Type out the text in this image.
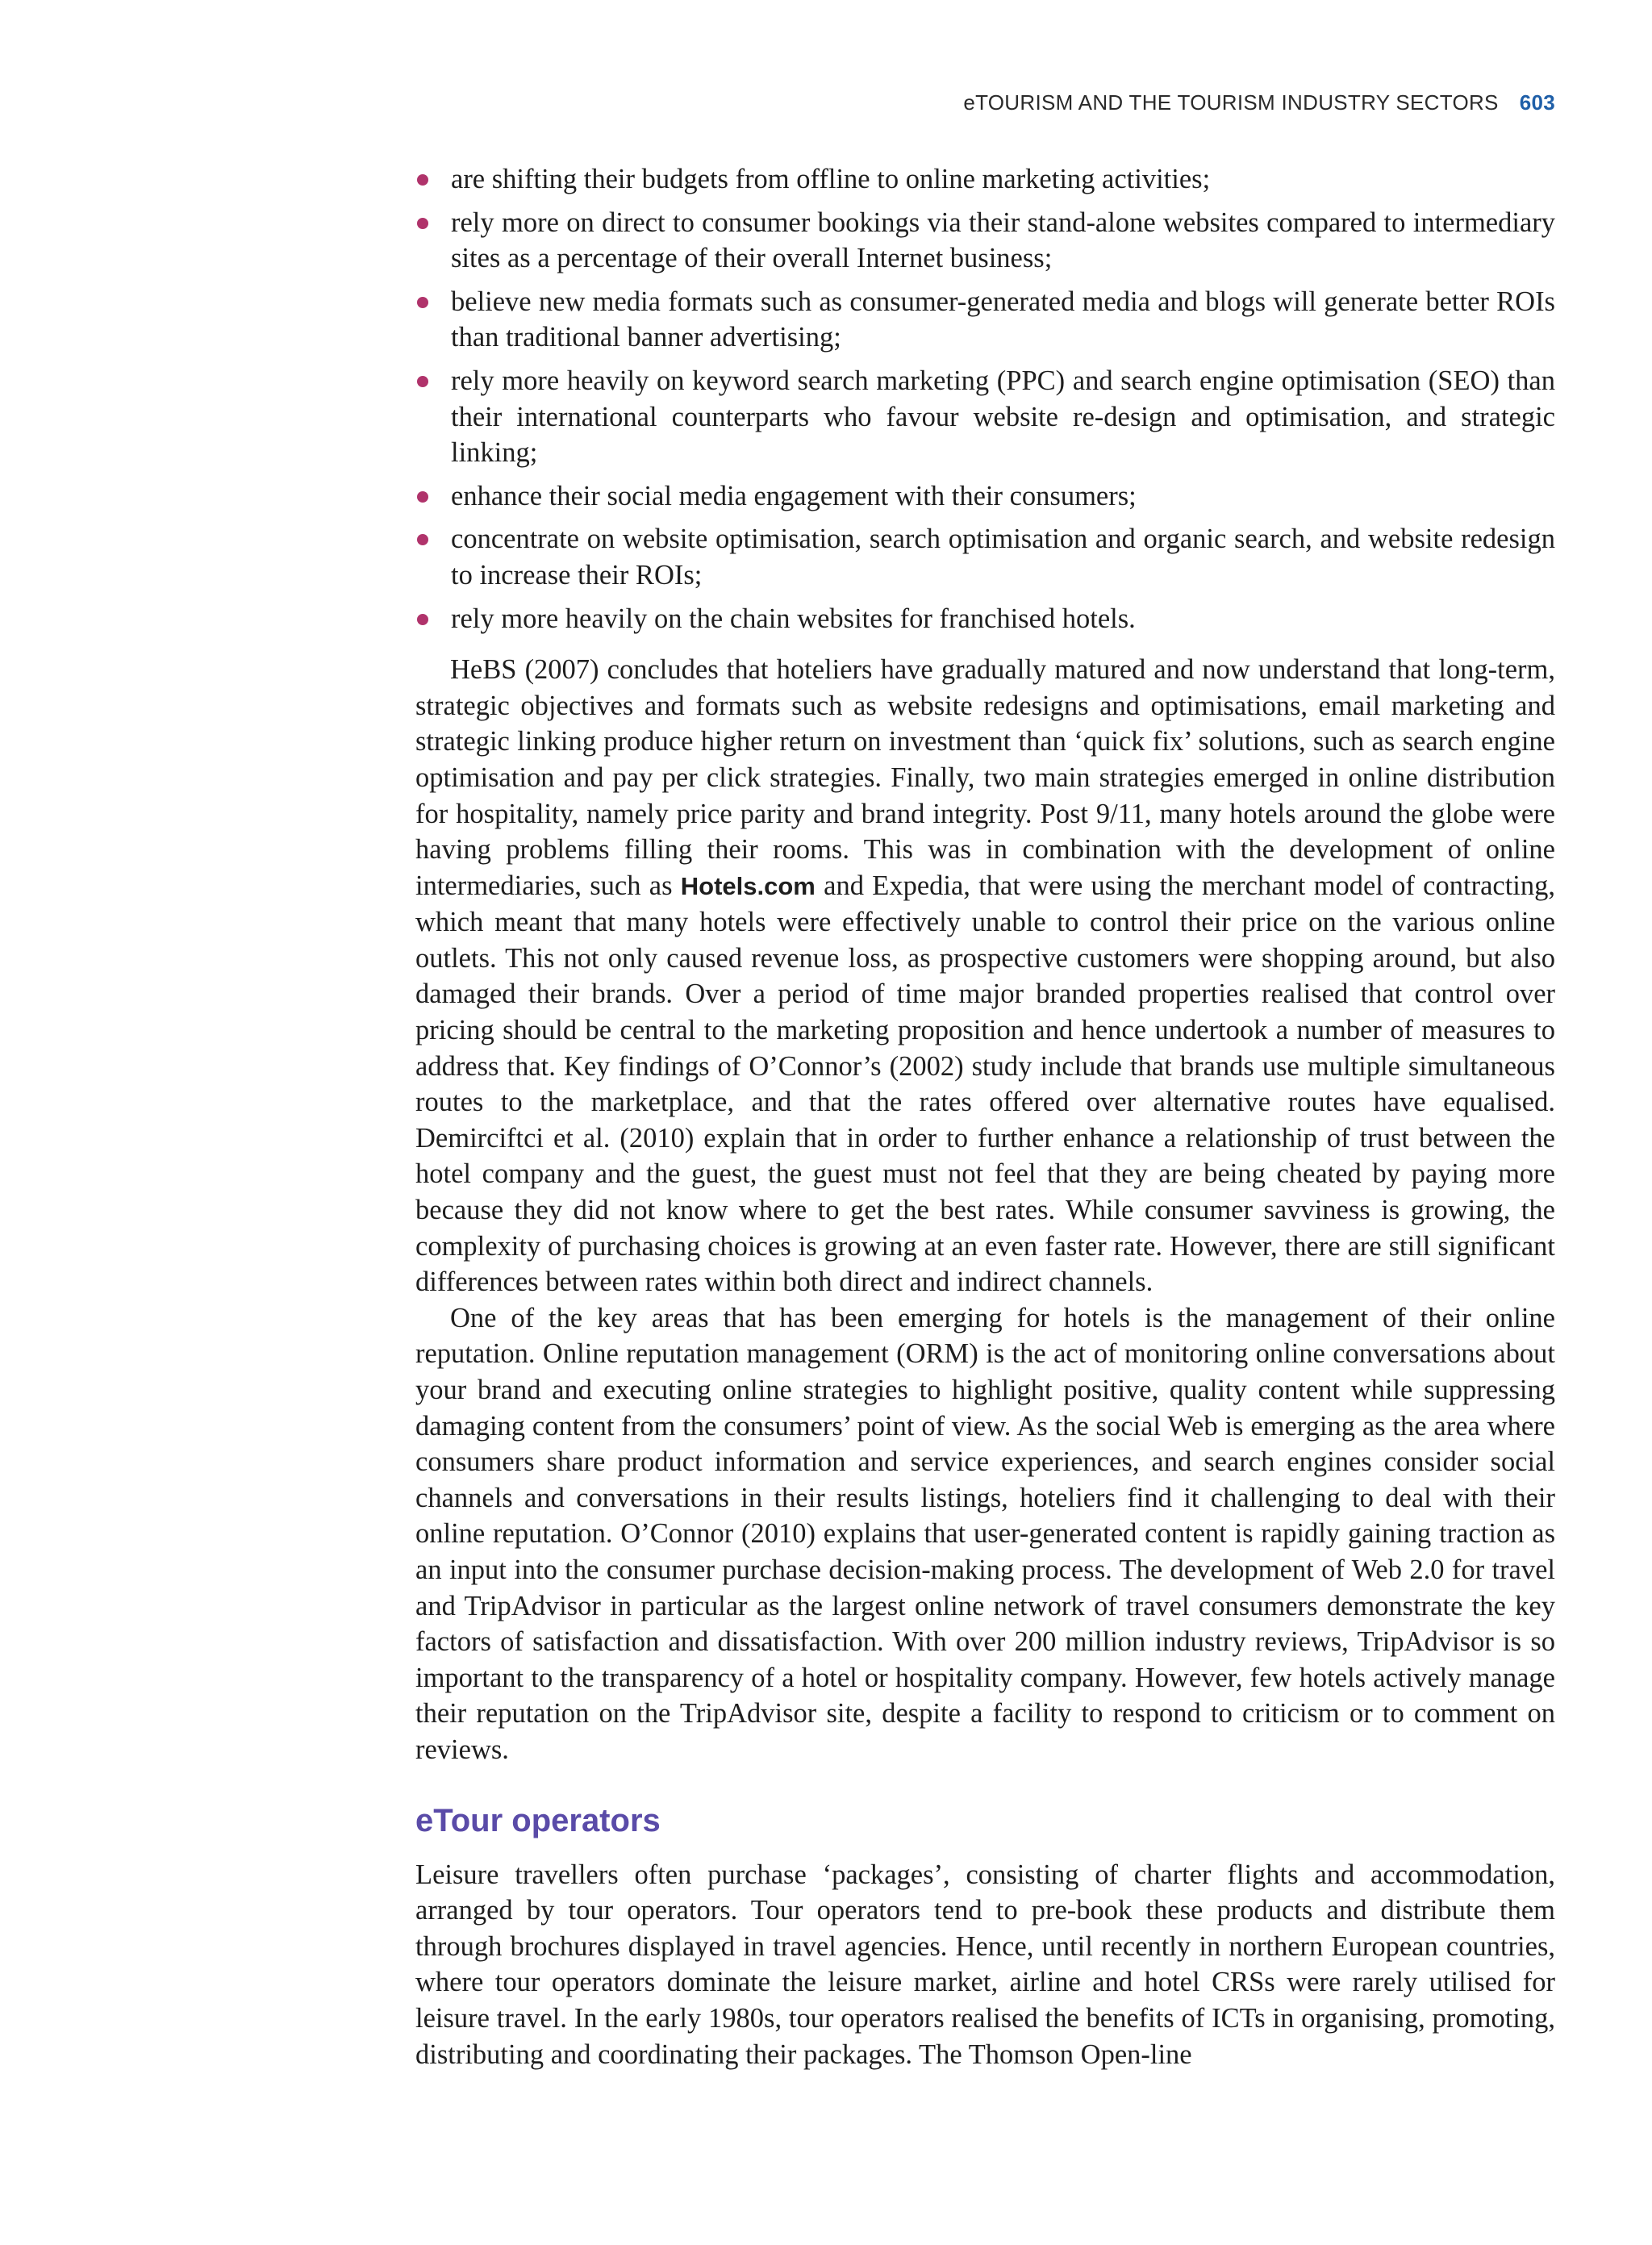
eTOURISM AND THE TOURISM INDUSTRY SECTORS 603
are shifting their budgets from offline to online marketing activities;
rely more on direct to consumer bookings via their stand-alone websites compared to intermediary sites as a percentage of their overall Internet business;
believe new media formats such as consumer-generated media and blogs will generate better ROIs than traditional banner advertising;
rely more heavily on keyword search marketing (PPC) and search engine optimisation (SEO) than their international counterparts who favour website re-design and optimisation, and strategic linking;
enhance their social media engagement with their consumers;
concentrate on website optimisation, search optimisation and organic search, and website redesign to increase their ROIs;
rely more heavily on the chain websites for franchised hotels.

HeBS (2007) concludes that hoteliers have gradually matured and now understand that long-term, strategic objectives and formats such as website redesigns and optimisations, email marketing and strategic linking produce higher return on investment than ‘quick fix’ solutions, such as search engine optimisation and pay per click strategies. Finally, two main strategies emerged in online distribution for hospitality, namely price parity and brand integrity. Post 9/11, many hotels around the globe were having problems filling their rooms. This was in combination with the development of online intermediaries, such as Hotels.com and Expedia, that were using the merchant model of contracting, which meant that many hotels were effectively unable to control their price on the various online outlets. This not only caused revenue loss, as prospective customers were shopping around, but also damaged their brands. Over a period of time major branded properties realised that control over pricing should be central to the marketing proposition and hence undertook a number of measures to address that. Key findings of O’Connor’s (2002) study include that brands use multiple simultaneous routes to the marketplace, and that the rates offered over alternative routes have equalised. Demirciftci et al. (2010) explain that in order to further enhance a relationship of trust between the hotel company and the guest, the guest must not feel that they are being cheated by paying more because they did not know where to get the best rates. While consumer savviness is growing, the complexity of purchasing choices is growing at an even faster rate. However, there are still significant differences between rates within both direct and indirect channels.

One of the key areas that has been emerging for hotels is the management of their online reputation. Online reputation management (ORM) is the act of monitoring online conversations about your brand and executing online strategies to highlight positive, quality content while suppressing damaging content from the consumers’ point of view. As the social Web is emerging as the area where consumers share product information and service experiences, and search engines consider social channels and conversations in their results listings, hoteliers find it challenging to deal with their online reputation. O’Connor (2010) explains that user-generated content is rapidly gaining traction as an input into the consumer purchase decision-making process. The development of Web 2.0 for travel and TripAdvisor in particular as the largest online network of travel consumers demonstrate the key factors of satisfaction and dissatisfaction. With over 200 million industry reviews, TripAdvisor is so important to the transparency of a hotel or hospitality company. However, few hotels actively manage their reputation on the TripAdvisor site, despite a facility to respond to criticism or to comment on reviews.

eTour operators

Leisure travellers often purchase ‘packages’, consisting of charter flights and accommodation, arranged by tour operators. Tour operators tend to pre-book these products and distribute them through brochures displayed in travel agencies. Hence, until recently in northern European countries, where tour operators dominate the leisure market, airline and hotel CRSs were rarely utilised for leisure travel. In the early 1980s, tour operators realised the benefits of ICTs in organising, promoting, distributing and coordinating their packages. The Thomson Open-line
